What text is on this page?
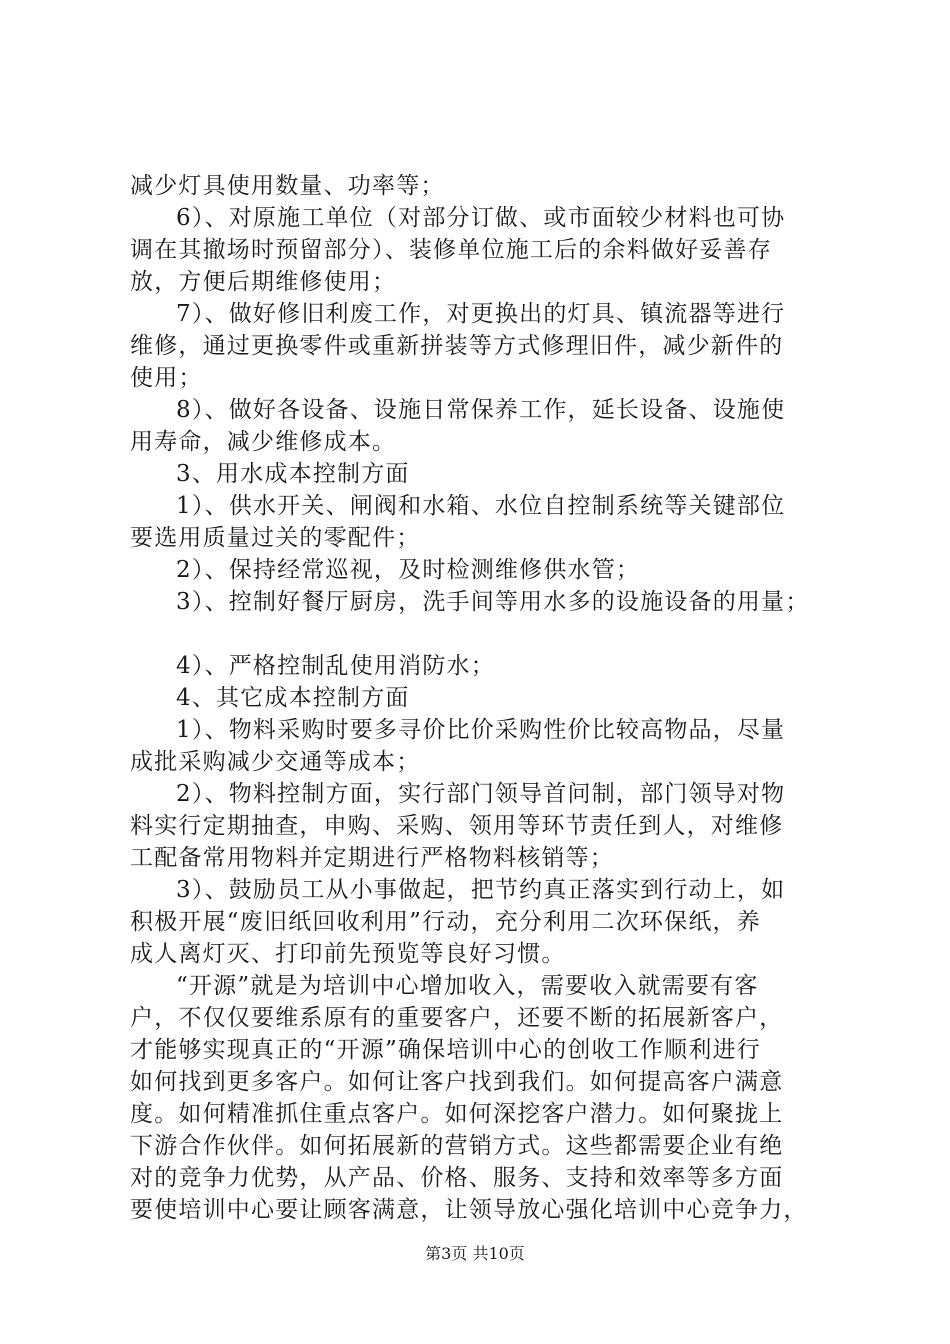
减少灯具使用数量、功率等；
6）、对原施工单位（对部分订做、或市面较少材料也可协
调在其撤场时预留部分）、装修单位施工后的余料做好妥善存
放，方便后期维修使用；
7）、做好修旧利废工作，对更换出的灯具、镇流器等进行
维修，通过更换零件或重新拼装等方式修理旧件，减少新件的
使用；
8）、做好各设备、设施日常保养工作，延长设备、设施使
用寿命，减少维修成本。
3、用水成本控制方面
1）、供水开关、闸阀和水箱、水位自控制系统等关键部位
要选用质量过关的零配件；
2）、保持经常巡视，及时检测维修供水管；
3）、控制好餐厅厨房，洗手间等用水多的设施设备的用量；
4）、严格控制乱使用消防水；
4、其它成本控制方面
1）、物料采购时要多寻价比价采购性价比较高物品，尽量
成批采购减少交通等成本；
2）、物料控制方面，实行部门领导首问制，部门领导对物
料实行定期抽查，申购、采购、领用等环节责任到人，对维修
工配备常用物料并定期进行严格物料核销等；
3）、鼓励员工从小事做起，把节约真正落实到行动上，如
积极开展“废旧纸回收利用”行动，充分利用二次环保纸，养
成人离灯灭、打印前先预览等良好习惯。
“开源”就是为培训中心增加收入，需要收入就需要有客
户，不仅仅要维系原有的重要客户，还要不断的拓展新客户，
才能够实现真正的“开源”确保培训中心的创收工作顺利进行
如何找到更多客户。如何让客户找到我们。如何提高客户满意
度。如何精准抓住重点客户。如何深挖客户潜力。如何聚拢上
下游合作伙伴。如何拓展新的营销方式。这些都需要企业有绝
对的竞争力优势，从产品、价格、服务、支持和效率等多方面
要使培训中心要让顾客满意，让领导放心强化培训中心竞争力，
第3页 共10页
